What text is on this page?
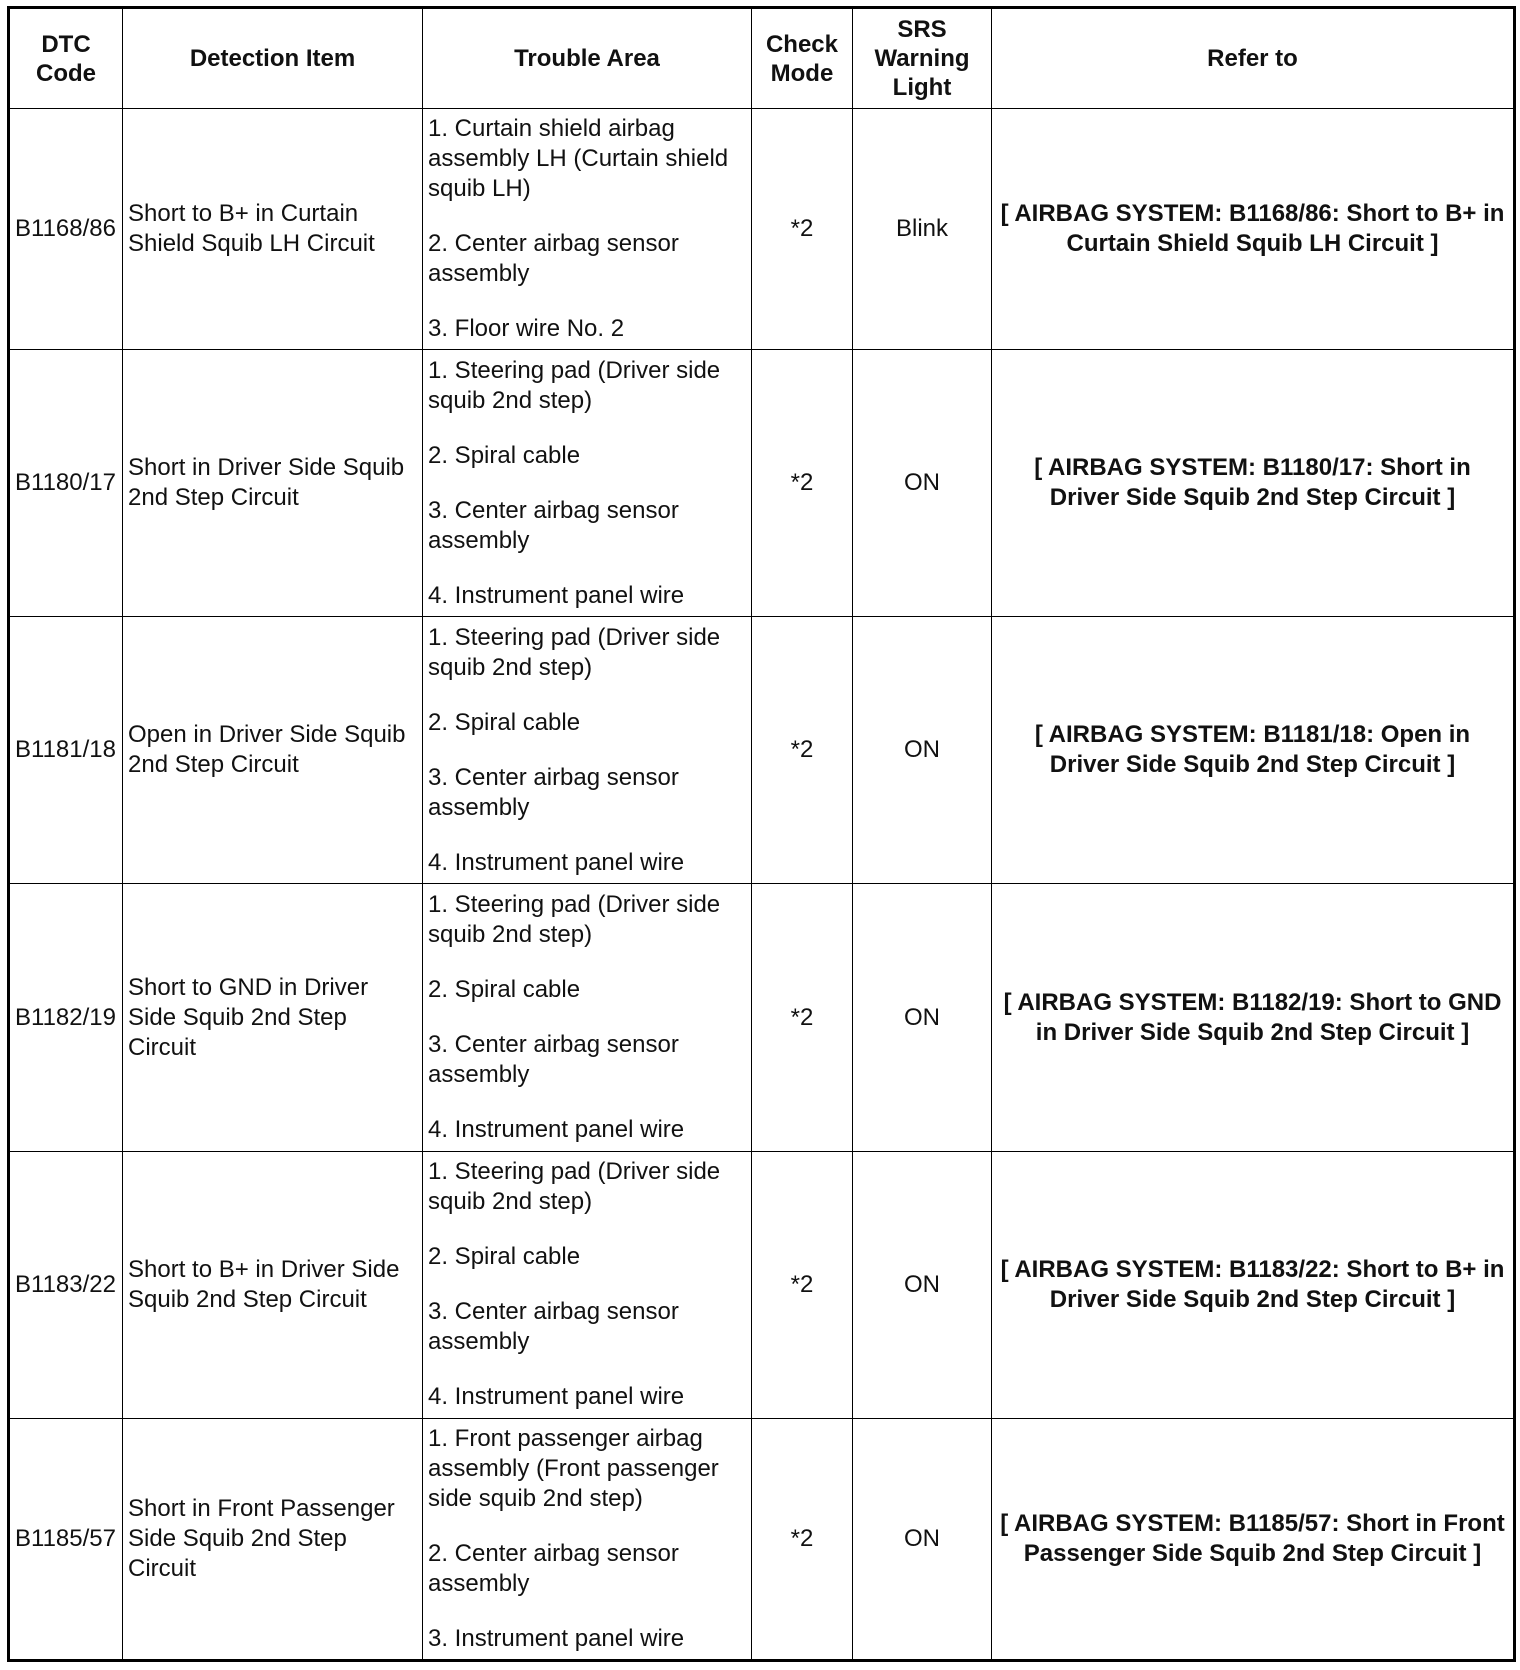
DTC Code	Detection Item	Trouble Area	Check Mode	SRS Warning Light	Refer to
B1168/86	Short to B+ in Curtain Shield Squib LH Circuit	1. Curtain shield airbag assembly LH (Curtain shield squib LH)
2. Center airbag sensor assembly
3. Floor wire No. 2	*2	Blink	[ AIRBAG SYSTEM: B1168/86: Short to B+ in Curtain Shield Squib LH Circuit ]
B1180/17	Short in Driver Side Squib 2nd Step Circuit	1. Steering pad (Driver side squib 2nd step)
2. Spiral cable
3. Center airbag sensor assembly
4. Instrument panel wire	*2	ON	[ AIRBAG SYSTEM: B1180/17: Short in Driver Side Squib 2nd Step Circuit ]
B1181/18	Open in Driver Side Squib 2nd Step Circuit	1. Steering pad (Driver side squib 2nd step)
2. Spiral cable
3. Center airbag sensor assembly
4. Instrument panel wire	*2	ON	[ AIRBAG SYSTEM: B1181/18: Open in Driver Side Squib 2nd Step Circuit ]
B1182/19	Short to GND in Driver Side Squib 2nd Step Circuit	1. Steering pad (Driver side squib 2nd step)
2. Spiral cable
3. Center airbag sensor assembly
4. Instrument panel wire	*2	ON	[ AIRBAG SYSTEM: B1182/19: Short to GND in Driver Side Squib 2nd Step Circuit ]
B1183/22	Short to B+ in Driver Side Squib 2nd Step Circuit	1. Steering pad (Driver side squib 2nd step)
2. Spiral cable
3. Center airbag sensor assembly
4. Instrument panel wire	*2	ON	[ AIRBAG SYSTEM: B1183/22: Short to B+ in Driver Side Squib 2nd Step Circuit ]
B1185/57	Short in Front Passenger Side Squib 2nd Step Circuit	1. Front passenger airbag assembly (Front passenger side squib 2nd step)
2. Center airbag sensor assembly
3. Instrument panel wire	*2	ON	[ AIRBAG SYSTEM: B1185/57: Short in Front Passenger Side Squib 2nd Step Circuit ]
